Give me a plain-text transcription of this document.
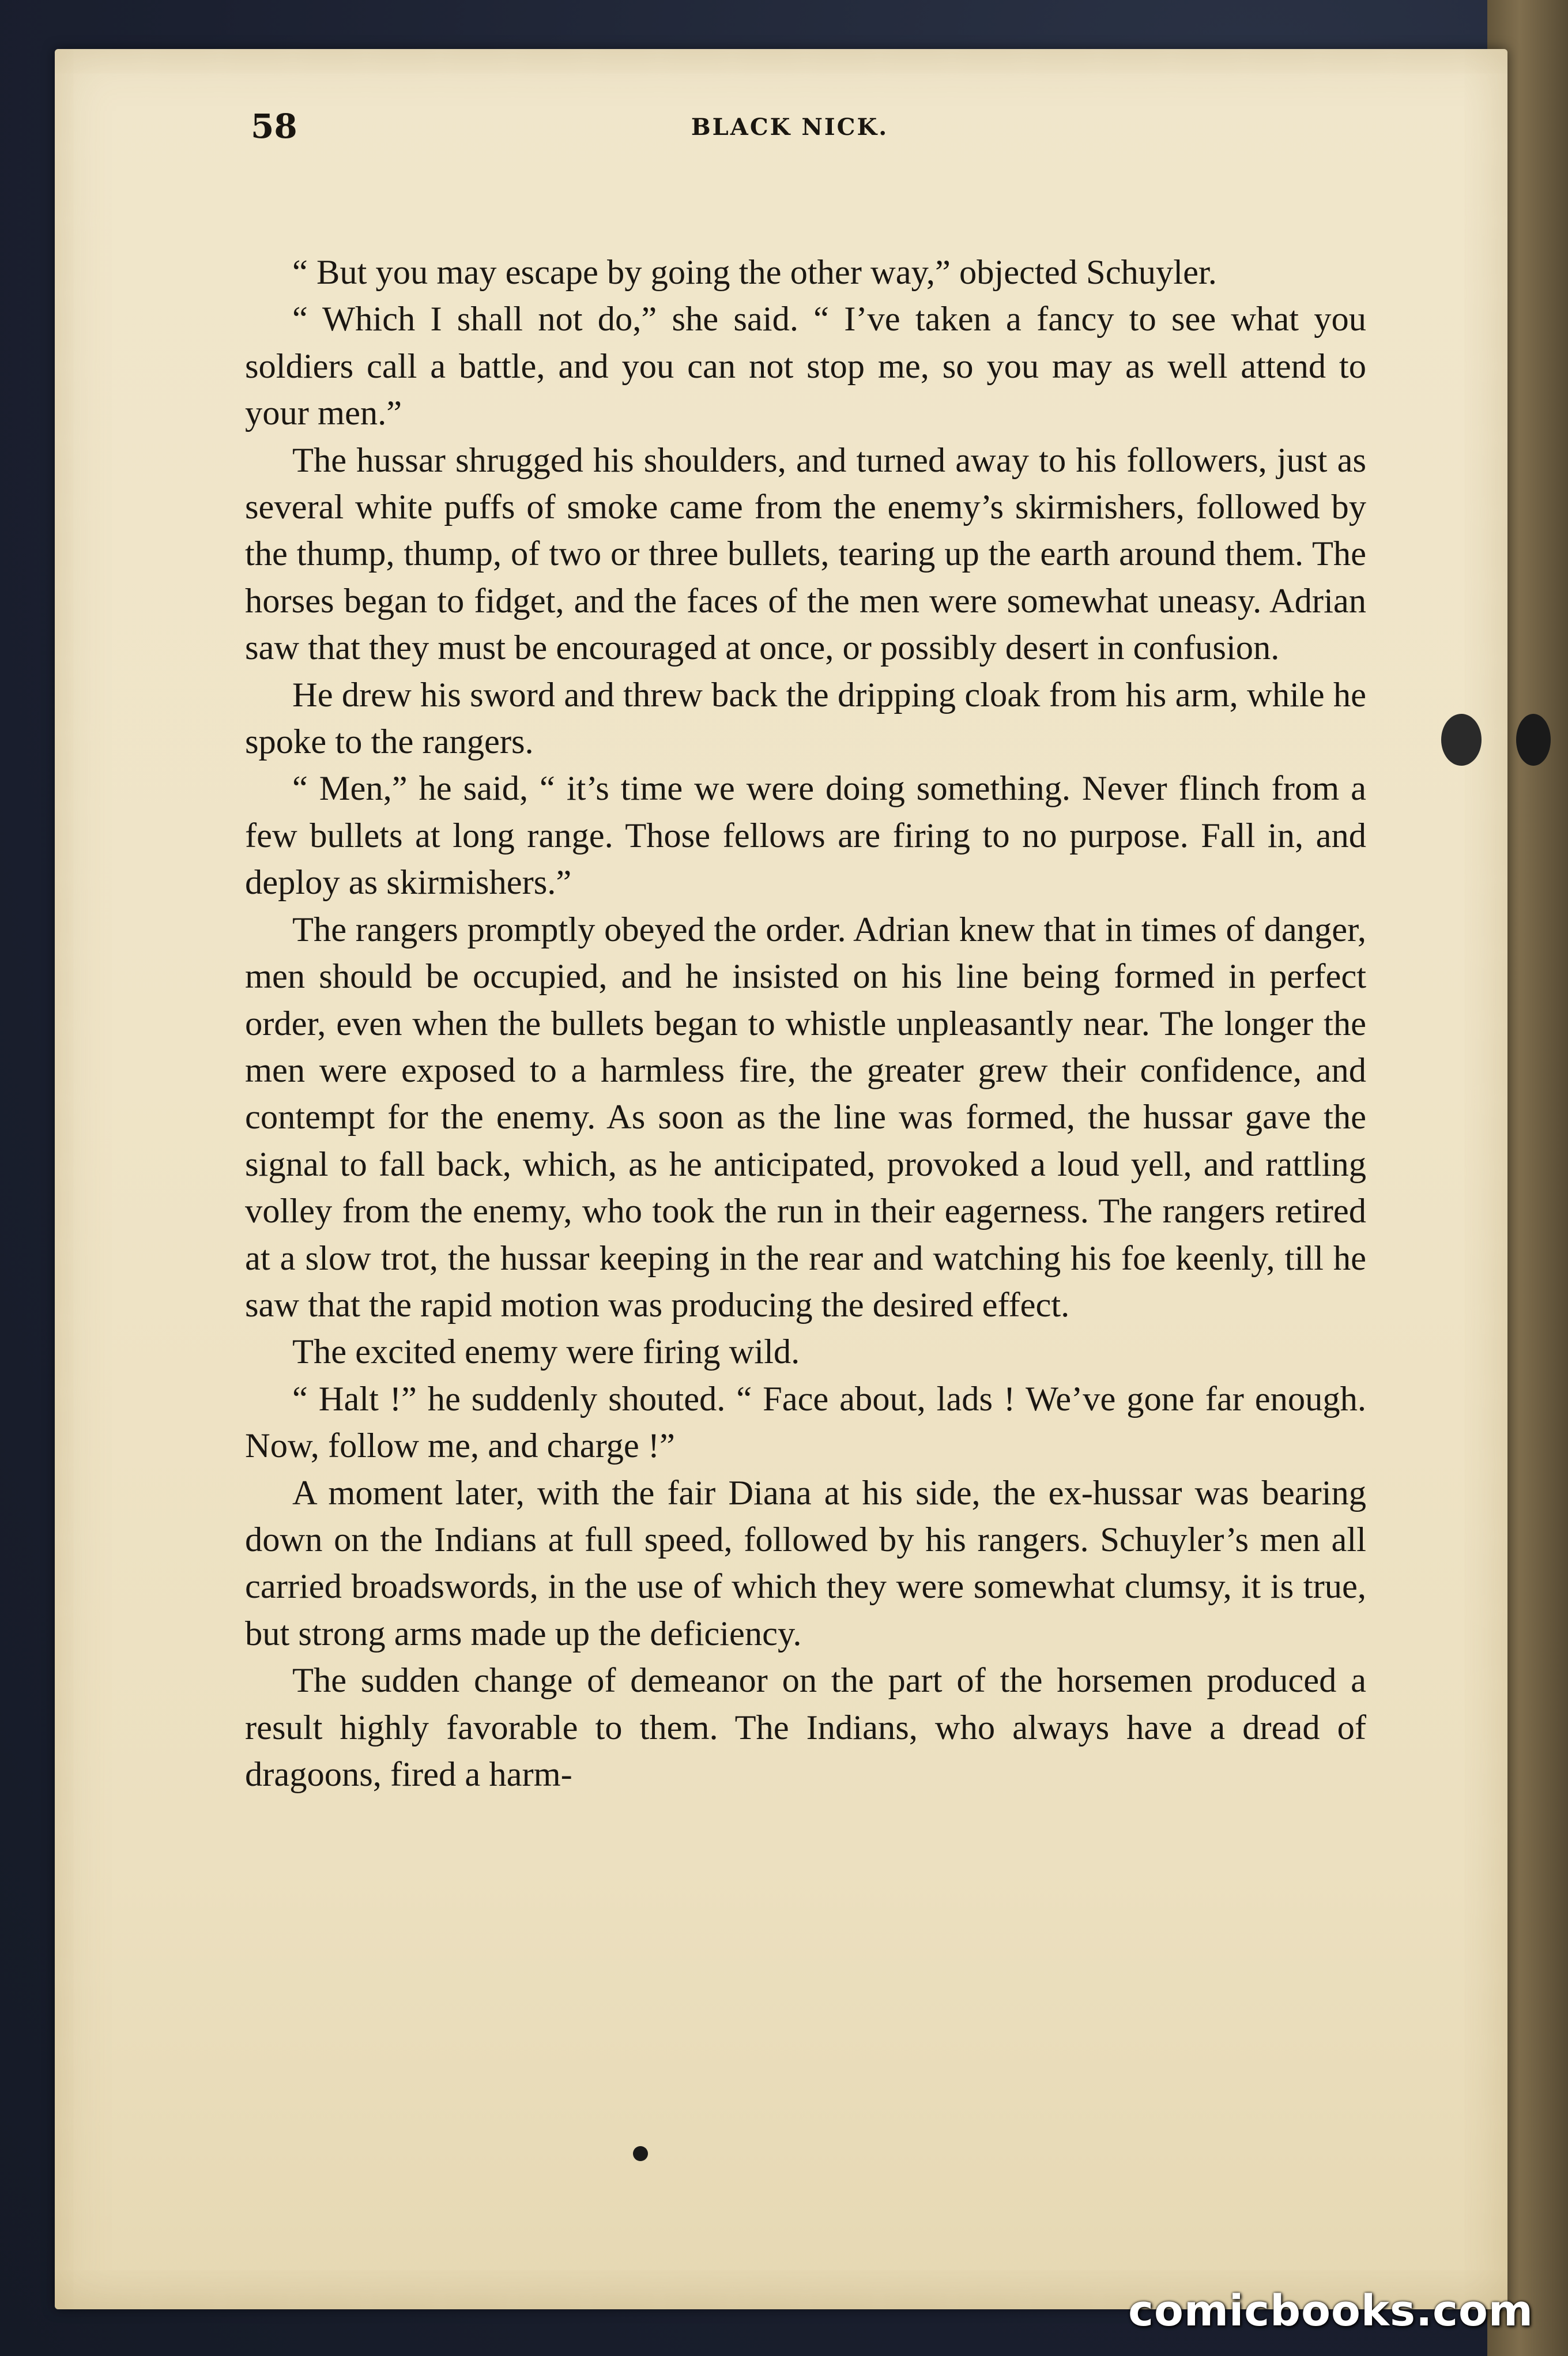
58	BLACK NICK.

“ But you may escape by going the other way,” objected Schuyler.

“ Which I shall not do,” she said. “ I’ve taken a fancy to see what you soldiers call a battle, and you can not stop me, so you may as well attend to your men.”

The hussar shrugged his shoulders, and turned away to his followers, just as several white puffs of smoke came from the enemy’s skirmishers, followed by the thump, thump, of two or three bullets, tearing up the earth around them. The horses began to fidget, and the faces of the men were somewhat uneasy. Adrian saw that they must be encouraged at once, or possibly desert in confusion.

He drew his sword and threw back the dripping cloak from his arm, while he spoke to the rangers.

“ Men,” he said, “ it’s time we were doing something. Never flinch from a few bullets at long range. Those fellows are firing to no purpose. Fall in, and deploy as skirmishers.”

The rangers promptly obeyed the order. Adrian knew that in times of danger, men should be occupied, and he insisted on his line being formed in perfect order, even when the bullets began to whistle unpleasantly near. The longer the men were exposed to a harmless fire, the greater grew their confidence, and contempt for the enemy. As soon as the line was formed, the hussar gave the signal to fall back, which, as he anticipated, provoked a loud yell, and rattling volley from the enemy, who took the run in their eagerness. The rangers retired at a slow trot, the hussar keeping in the rear and watching his foe keenly, till he saw that the rapid motion was producing the desired effect.

The excited enemy were firing wild.

“ Halt !” he suddenly shouted. “ Face about, lads ! We’ve gone far enough. Now, follow me, and charge !”

A moment later, with the fair Diana at his side, the ex-hussar was bearing down on the Indians at full speed, followed by his rangers. Schuyler’s men all carried broadswords, in the use of which they were somewhat clumsy, it is true, but strong arms made up the deficiency.

The sudden change of demeanor on the part of the horsemen produced a result highly favorable to them. The Indians, who always have a dread of dragoons, fired a harm-

comicbooks.com
